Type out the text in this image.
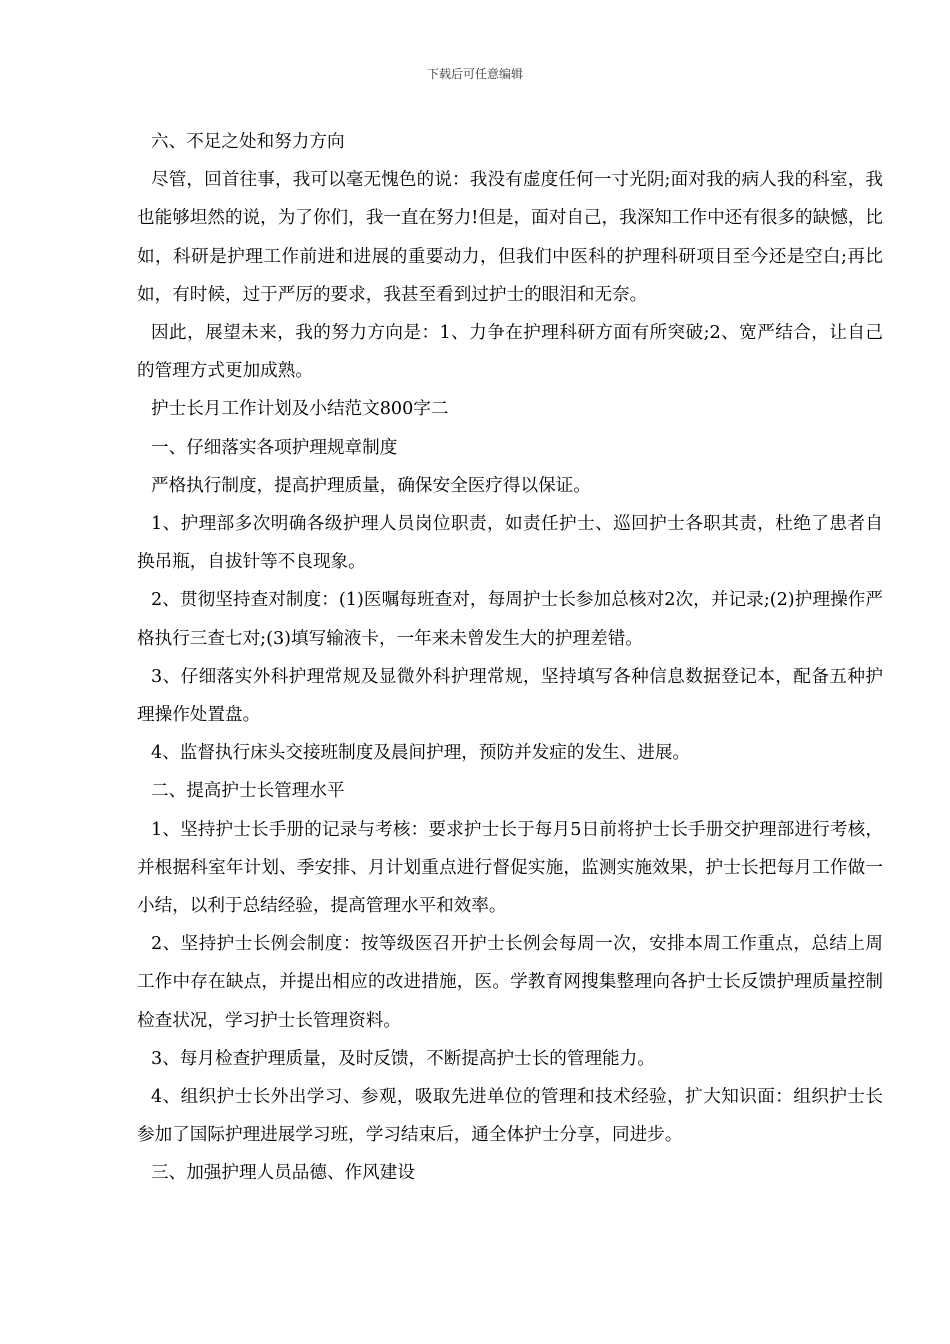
下载后可任意编辑

六、不足之处和努力方向

尽管，回首往事，我可以毫无愧色的说：我没有虚度任何一寸光阴;面对我的病人我的科室，我也能够坦然的说，为了你们，我一直在努力!但是，面对自己，我深知工作中还有很多的缺憾，比如，科研是护理工作前进和进展的重要动力，但我们中医科的护理科研项目至今还是空白;再比如，有时候，过于严厉的要求，我甚至看到过护士的眼泪和无奈。

因此，展望未来，我的努力方向是：1、力争在护理科研方面有所突破;2、宽严结合，让自己的管理方式更加成熟。

护士长月工作计划及小结范文800字二

一、仔细落实各项护理规章制度

严格执行制度，提高护理质量，确保安全医疗得以保证。

1、护理部多次明确各级护理人员岗位职责，如责任护士、巡回护士各职其责，杜绝了患者自换吊瓶，自拔针等不良现象。

2、贯彻坚持查对制度：(1)医嘱每班查对，每周护士长参加总核对2次，并记录;(2)护理操作严格执行三查七对;(3)填写输液卡，一年来未曾发生大的护理差错。

3、仔细落实外科护理常规及显微外科护理常规，坚持填写各种信息数据登记本，配备五种护理操作处置盘。

4、监督执行床头交接班制度及晨间护理，预防并发症的发生、进展。

二、提高护士长管理水平

1、坚持护士长手册的记录与考核：要求护士长于每月5日前将护士长手册交护理部进行考核，并根据科室年计划、季安排、月计划重点进行督促实施，监测实施效果，护士长把每月工作做一小结，以利于总结经验，提高管理水平和效率。

2、坚持护士长例会制度：按等级医召开护士长例会每周一次，安排本周工作重点，总结上周工作中存在缺点，并提出相应的改进措施，医。学教育网搜集整理向各护士长反馈护理质量控制检查状况，学习护士长管理资料。

3、每月检查护理质量，及时反馈，不断提高护士长的管理能力。

4、组织护士长外出学习、参观，吸取先进单位的管理和技术经验，扩大知识面：组织护士长参加了国际护理进展学习班，学习结束后，通全体护士分享，同进步。

三、加强护理人员品德、作风建设
